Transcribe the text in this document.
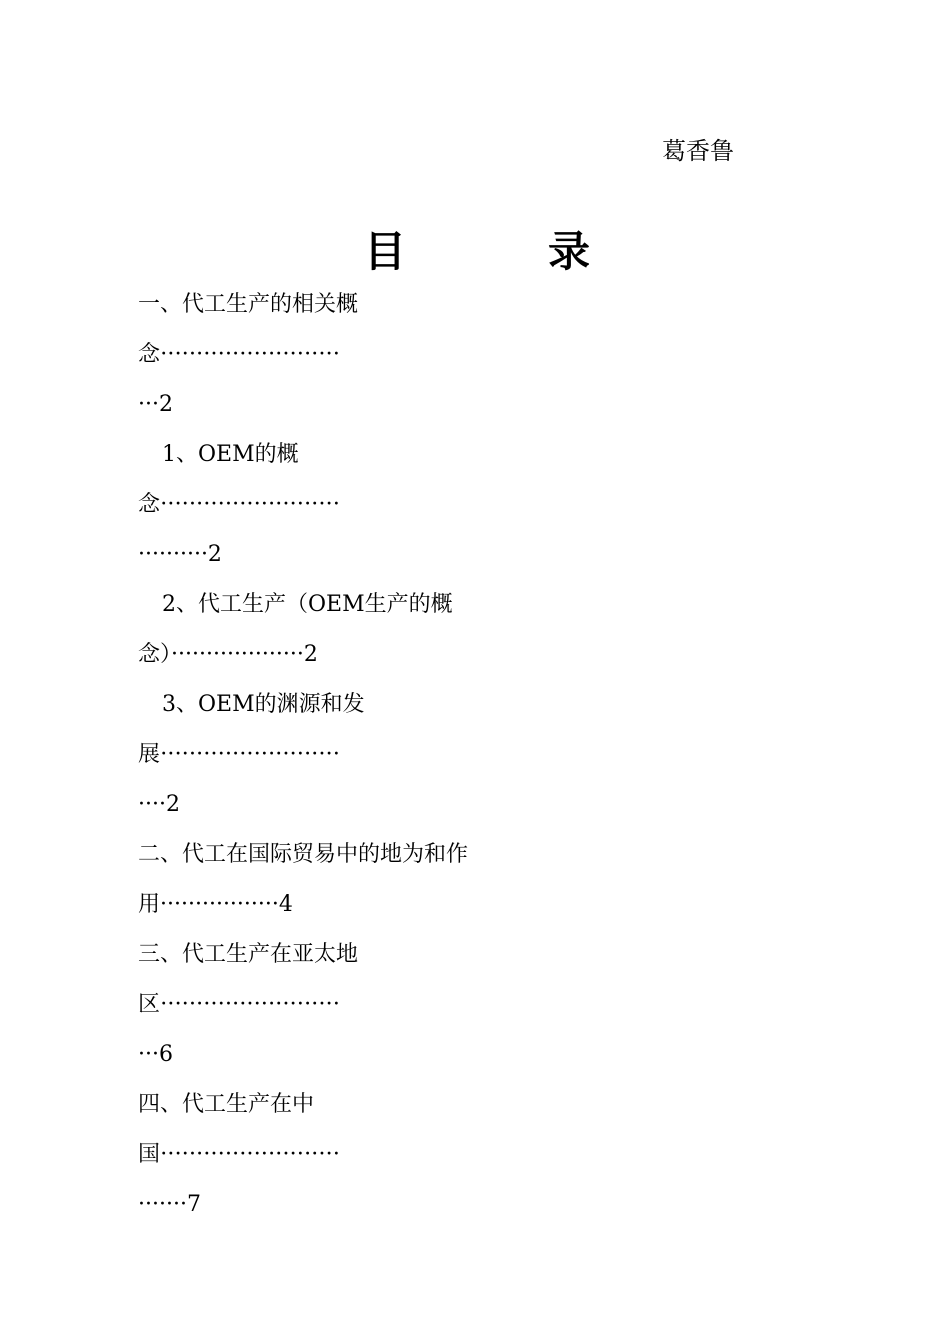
葛香鲁
目	录
一、代工生产的相关概
念·························
···2
1、OEM的概
念·························
··········2
2、代工生产（OEM生产的概
念）···················2
3、OEM的渊源和发
展·························
····2
二、代工在国际贸易中的地为和作
用·················4
三、代工生产在亚太地
区·························
···6
四、代工生产在中
国·························
·······7
